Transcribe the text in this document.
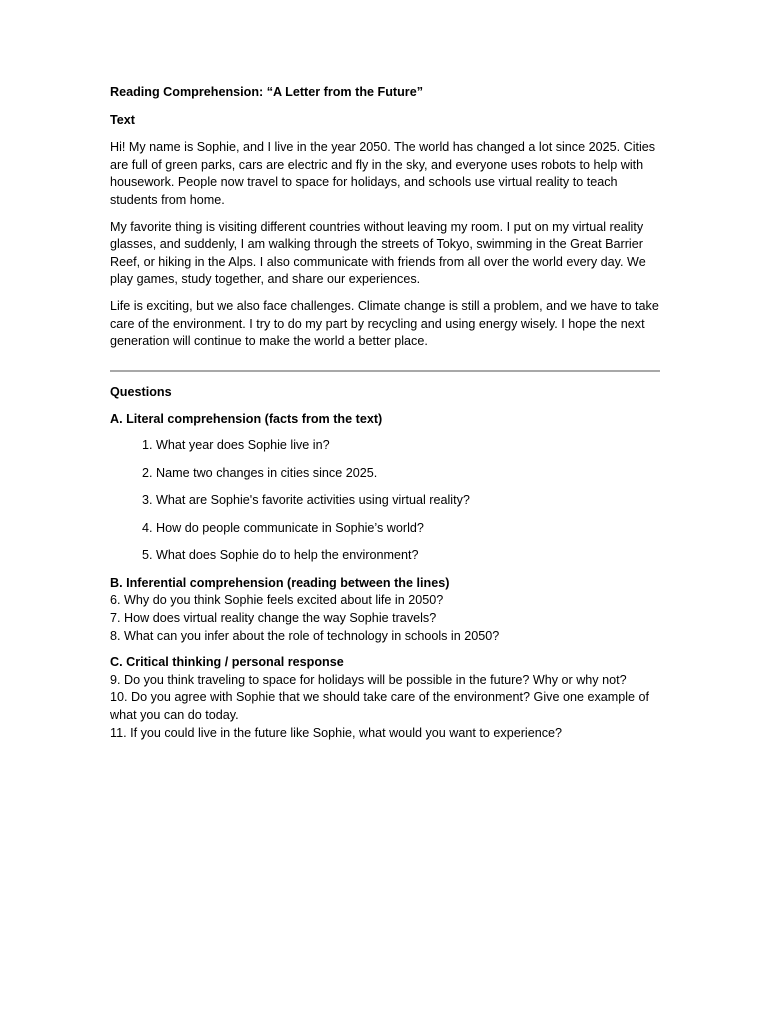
Reading Comprehension: “A Letter from the Future”
Text

Hi! My name is Sophie, and I live in the year 2050. The world has changed a lot since 2025. Cities are full of green parks, cars are electric and fly in the sky, and everyone uses robots to help with housework. People now travel to space for holidays, and schools use virtual reality to teach students from home.

My favorite thing is visiting different countries without leaving my room. I put on my virtual reality glasses, and suddenly, I am walking through the streets of Tokyo, swimming in the Great Barrier Reef, or hiking in the Alps. I also communicate with friends from all over the world every day. We play games, study together, and share our experiences.

Life is exciting, but we also face challenges. Climate change is still a problem, and we have to take care of the environment. I try to do my part by recycling and using energy wisely. I hope the next generation will continue to make the world a better place.

Questions
A. Literal comprehension (facts from the text)
1. What year does Sophie live in?
2. Name two changes in cities since 2025.
3. What are Sophie's favorite activities using virtual reality?
4. How do people communicate in Sophie’s world?
5. What does Sophie do to help the environment?
B. Inferential comprehension (reading between the lines)
6. Why do you think Sophie feels excited about life in 2050?
7. How does virtual reality change the way Sophie travels?
8. What can you infer about the role of technology in schools in 2050?
C. Critical thinking / personal response
9. Do you think traveling to space for holidays will be possible in the future? Why or why not?
10. Do you agree with Sophie that we should take care of the environment? Give one example of what you can do today.
11. If you could live in the future like Sophie, what would you want to experience?
